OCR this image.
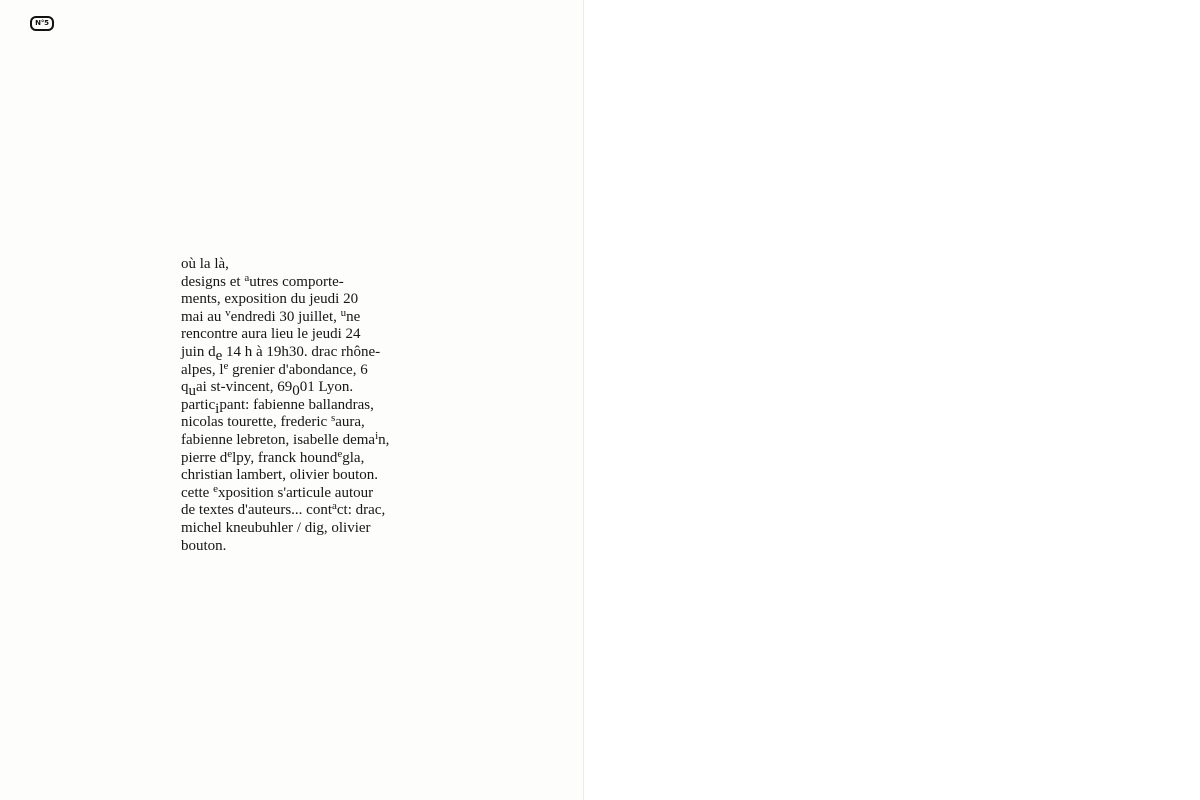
N°5
où la là,
designs et $^a$utres comporte-
ments, exposition du jeudi 20
mai au $^v$endredi 30 juillet, $^u$ne
rencontre aura lieu le jeudi 24
juin de 14 h à 19h30. drac rhône-
alpes, $l^e$ grenier d'abondance, 6
quai st-vincent, 69001 Lyon.
participant: fabienne ballandras,
nicolas tourette, frederic $^s$aura,
fabienne lebreton, isabelle dema$^i$n,
pierre $d^elpy$, franck hound$^e$gla,
christian lambert, olivier bouton.
cette $^e$xposition s'articule autour
de textes d'auteurs... cont$^a$ct: drac,
michel kneubuhler / dig, olivier
bouton.
